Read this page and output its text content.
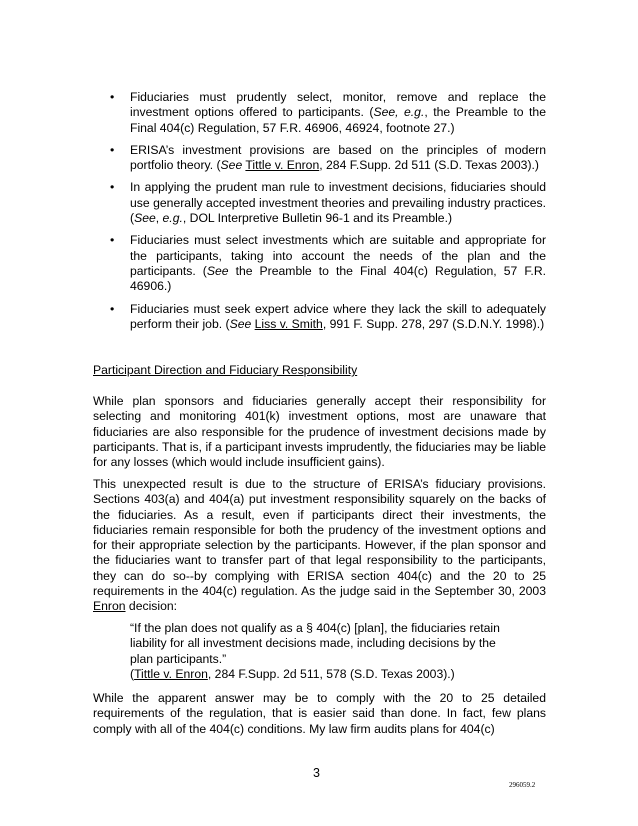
• Fiduciaries must prudently select, monitor, remove and replace the investment options offered to participants. (See, e.g., the Preamble to the Final 404(c) Regulation, 57 F.R. 46906, 46924, footnote 27.)
• ERISA’s investment provisions are based on the principles of modern portfolio theory. (See Tittle v. Enron, 284 F.Supp. 2d 511 (S.D. Texas 2003).)
• In applying the prudent man rule to investment decisions, fiduciaries should use generally accepted investment theories and prevailing industry practices. (See, e.g., DOL Interpretive Bulletin 96-1 and its Preamble.)
• Fiduciaries must select investments which are suitable and appropriate for the participants, taking into account the needs of the plan and the participants. (See the Preamble to the Final 404(c) Regulation, 57 F.R. 46906.)
• Fiduciaries must seek expert advice where they lack the skill to adequately perform their job. (See Liss v. Smith, 991 F. Supp. 278, 297 (S.D.N.Y. 1998).)
Participant Direction and Fiduciary Responsibility

While plan sponsors and fiduciaries generally accept their responsibility for selecting and monitoring 401(k) investment options, most are unaware that fiduciaries are also responsible for the prudence of investment decisions made by participants. That is, if a participant invests imprudently, the fiduciaries may be liable for any losses (which would include insufficient gains).

This unexpected result is due to the structure of ERISA’s fiduciary provisions. Sections 403(a) and 404(a) put investment responsibility squarely on the backs of the fiduciaries. As a result, even if participants direct their investments, the fiduciaries remain responsible for both the prudency of the investment options and for their appropriate selection by the participants. However, if the plan sponsor and the fiduciaries want to transfer part of that legal responsibility to the participants, they can do so--by complying with ERISA section 404(c) and the 20 to 25 requirements in the 404(c) regulation. As the judge said in the September 30, 2003 Enron decision:

“If the plan does not qualify as a § 404(c) [plan], the fiduciaries retain liability for all investment decisions made, including decisions by the plan participants.”
(Tittle v. Enron, 284 F.Supp. 2d 511, 578 (S.D. Texas 2003).)

While the apparent answer may be to comply with the 20 to 25 detailed requirements of the regulation, that is easier said than done. In fact, few plans comply with all of the 404(c) conditions. My law firm audits plans for 404(c)

3
296059.2
